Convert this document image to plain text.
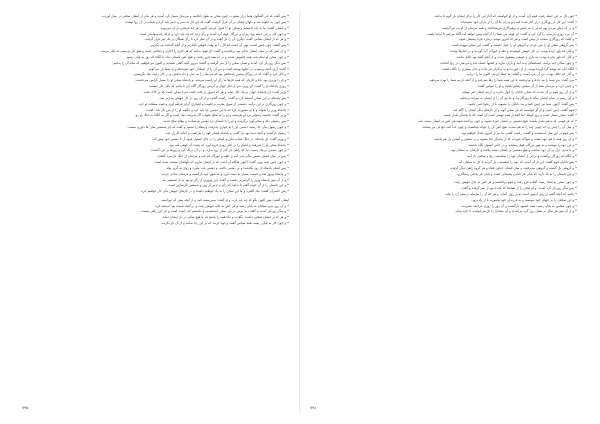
• پس گفت که این گفتگوی شما دراز بشنو — چون سخن به طول انجامید و مردمان بسیار گرد آمدند و هر یکی از ایشان سخنی در میان آوردند.

• پس چون به خلوت شد و دلهای ایشان بر آن قرار گرفت، گفت که این کار به صبر و تدبیر باید کرد و شتاب در آن روا نیست.

• و ایشان گفتند: ما به راه دانستیم و سخن تو را قبول کردیم، اکنون هر چه فرمایی بر آن می‌رویم.

• و چون کار بر این جمله بود، پیران و بزرگان قوم گرد آمدند و رأی زدند که چه باید کرد و کدام راه صواب‌تر است.

• و هر که از ایشان سخنی گفت، دیگری آن را باز گفت و در آن نظر کرد تا رأی همگان بر یک چیز قرار گرفت.

• پس گفتند: چون چنین است، بهتر آن است که کار را به وقت خویش بگذاریم و از آنچه گذشت پند بگیریم.

• و آن کس که در میان ایشان داناتر بود برخاست و گفت: ای قوم، بدانید که هر کاری را آغازی و انجامی است و هیچ کار بی‌سبب به پایان نرسد.

• و چون سخن او تمام شد، همه خاموش شدند و در اندیشه فرو رفتند، و هیچ کس پاسخی نداد تا آنگاه که روز به پایان رسید.

• پس دیگر روز باز گرد آمدند و همان سخن را از سر گرفتند و گفتند: دیروز آنچه گفتی شنیدیم و اکنون می‌خواهیم که تمام آن را بدانیم.

• گفت: آری، آنچه پرسیدید در کتابها نوشته است و من آن را از استادان خود شنیده‌ام و به شما باز می‌گویم.

• و آغاز کرد و گفت که در روزگار پیشین پادشاهی بود که مردمان را به عدل و داد داشتی و در کار رعیت نیک نگریستی.

• و او را وزیری بود دانا و کاردان که همه کارها به رأی او راست می‌شد، و پادشاه سخن او را بسیار گرامی می‌داشت.

• روزی پادشاه او را گفت: ای وزیر، مرا از حال جهان و گردش روزگار آگاه کن تا بدانم که پایان کار چیست.

• وزیر گفت: ای پادشاه، جهان بر یک حال نماند و هر که امروز بر تخت است فردا ممکن است که بر خاک باشد.

• پس پادشاه در این سخن اندیشه کرد و گفت: راست گفتی، و از آن روز در کار خویش بیدارتر شد.

• و چون روزگاری بر این برآمد، دشمنی از سوی مغرب برخاست و لشکری گران فراهم آورد و قصد مملکت او کرد.

• پادشاه وزیر را بخواند و با او مشورت کرد که با این دشمن چه باید کرد و چگونه او را از مرز باز باید داشت.

• وزیر گفت: نخست رسولی نزد او بفرست و او را به صلح بخوان، اگر پذیرفت نیک است و اگر نه آنگاه به جنگ او رو.

• پس رسولی دانا و سخن‌گوی برگزیدند و او را با نامه‌ای نزد دشمن فرستادند و پیغام صلح دادند.

• و چون رسول بدان جا رسید، دشمن او را به خواری پذیرفت و پیغام را نشنید و گفت که جز شمشیر میان ما داوری نیست.

• رسول بازگشت و آنچه دیده بود باز گفت، و پادشاه لشکر خود را بیاراست و آماده کارزار شد.

• و وزیر گفت: ای پادشاه، در جنگ شتاب مکن و لشکر را در جای استوار فرود آر تا دشمن خود پیش آید.

• پادشاه سخن او را پذیرفت و لشکر را در کنار رودی فرود آورد که پشت آن کوهی بلند بود.

• و چون دشمن نزدیک رسید، دید که راهی جز گذر از رود ندارد، و در آن درنگ کرد و روزها بر این گذشت.

• پس در میان لشکر دشمن تنگی پدید آمد و علف و خوراک کم شد و مردمان از جنگ دل‌سرد گشتند.

• و چون چنین شد، وزیر گفت: اکنون هنگام آن است که بر ایشان بتازیم که دلهاشان سست شده است.

• پس لشکر پادشاه از رود بگذشت و بر دشمن تاخت، و دشمن تاب نیاورد و روی به گریز نهاد.

• و پادشاه پیروز شد و غنیمت بسیار به دست آورد و به شهر خود بازگشت و مردمان شادی کردند.

• و از آن پس پادشاه وزیر را گرامی‌تر داشت و گفت: این پیروزی از رأی تو بود نه از شمشیر ما.

• و این داستان را از آن جهت گفتم تا بدانید که رأی و تدبیر از زور و شمشیر کارسازتر است.

• پس حاضران گفتند: نیک گفتی، و ما این سخن را به یاد خواهیم داشت و در کارهای خویش بدان کار خواهیم کرد.

ایشان گفتند: پس اکنون بگو که چه باید کرد، و او گفت: صبر پیشه کنید و از آنچه پیش آید نهراسید.

• و آن روز بدین سخنان به پایان رسید و هر کس به خانه خویش رفت و در آنچه شنیده بود اندیشه کرد.

• و دیگر روز باز آمدند و گفتند: ما دوش در این سخن اندیشیدیم و دانستیم که راست است و جز این راهی نیست.

• و هر که از ایشان سخنی داشت، بگفت، و دانا همه را پاسخ داد تا هیچ شکی در دل ایشان نماند.

• و چون کار به پایان رسید، همه سپاس گفتند و عهد کردند که بر این راه بمانند و از آن باز نگردند.

٧٩٥

• چون کار بر این جمله رفت، قوم گرد آمدند و از او خواستند که آغاز این کار را برای ایشان باز گوید تا بدانند.

• گفت: این کار از روزگاری دراز آغاز شده است و پدران ما آن را از پدران خود شنیده‌اند.

• و در آن زمان مردی بود که او را به دانش و پرهیزگاری می‌شناختند و همه مردمان از او پند می‌گرفتند.

• آن مرد روزی مردمان را گرد کرد و گفت: ای قوم، من شما را از آنچه پیش خواهد آمد آگاه می‌کنم تا آماده باشید.

• و گفت که روزگاری سخت در پیش است و هر که امروز توشه برندارد فردا پشیمان شود.

• پس گروهی سخن او را باور کردند و گروهی او را خوار داشتند و گفتند: این سخن بیهوده است.

• و آنان که باور کرده بودند، در کار خویش کوشیدند و غله و خوراک گرد آوردند و در انبارها نهادند.

• و آنان که باور نکرده بودند، به بازی و خوشی مشغول شدند و از آنچه گفته بود غافل ماندند.

• و چون سالی چند برآمد، خشکسالی پدید آمد و باران نبارید و کشتها خشک شد و مردمان در رنج افتادند.

• آنگاه آنان که توشه گرد آورده بودند، از آن خوردند و به دیگران نیز دادند و جان بسیاری را نگاه داشتند.

• و آنان که غافل بودند، نزد آن مرد آمدند و گفتند: ما خطا کردیم، اکنون ما را دریاب.

• مرد گفت: من شما را پند دادم و نپذیرفتید، با این همه شما را رها نمی‌کنم و از آنچه داریم شما را بهره می‌دهم.

• و چنین کرد، و مردمان همه از آن سختی رهایی یافتند و او را سپاس گفتند.

• و از آن روز قوم بر آن شدند که سخن دانایان را خوار ندارند و از پند ایشان سر نپیچند.

• و این رسم در میان ایشان بماند تا روزگار ما، و ما نیز آن را از ایشان به میراث برده‌ایم.

• پس گفت: اکنون شما نیز چنین کنید و پند دانایان را بشنوید تا از رنجها ایمن باشید.

• قوم گفتند: چنین کنیم، و از او خواستند که باز سخن گوید و از کارهای دیگر ایشان را آگاه کند.

• گفت: سخن بسیار است و روز کوتاه، اما آنچه از همه مهمتر است آن است که با یکدیگر یکدل باشید.

• که هر قومی که با هم یکدل باشند، هیچ دشمنی بر ایشان چیره نشود، و چون پراکنده شوند هر کس بر ایشان دست یابد.

• و مثل آن را چنین زد که چوبی چند را به هم ببندند، هیچ کس آن را نتواند شکست، و چون جدا کنند کودکی نیز بشکند.

• پس قوم در این مثل اندیشیدند و گفتند: راست گفتی، ما نیز از امروز یکدل خواهیم بود.

• و آن روز همه با هم عهد بستند و سوگند خوردند که از یکدیگر جدا نشوند و در سختی و آسانی یار هم باشند.

• و این عهد را نوشتند و به مهر بزرگان قوم رساندند و در جایی استوار نگاه داشتند.

• و تا مدتی دراز بر آن عهد بماندند و هیچ دشمنی بر ایشان دست نیافت و کارشان به سامان بود.

• و آنگاه که روزگار برگشت و برخی از ایشان عهد را شکستند، رنج و سختی باز آمد.

• پس دانایان قوم گفتند: این از آن است که عهد را شکستید، باز گردید تا کار به سامان آید.

• و گروهی باز گشتند و گروهی نپذیرفتند، و میان ایشان جدایی افتاد و هر گروه راهی دیگر گرفت.

• و این داستان را به یاد دارید که پایان هر جدایی پشیمانی است و پایان هر یکدلی رستگاری.

• و چون سخن به اینجا رسید، آفتاب فرو رفت و قوم برخاستند و هر کس به جای خویش رفت.

• پس دیگر روز باز گرد آمدند، و او سخن را از همانجا که مانده بود از سر گرفت و گفت:

• بدانید که آنچه گفتم از روی آزمون است نه از روی گمان، و هر که آن را بیازماید درستی آن را بیابد.

• و این سخنان را بر دلهای خود بنویسید و به فرزندان خود بیاموزید تا از یاد نرود.

• و چون مجلس به پایان رسید، همه خشنود بازگشتند و آن روز را روزی فرخنده شمردند.

• و از آن پس هر سال در همان روز گرد می‌آمدند و آن سخنان را باز می‌خواندند تا تازه بماند.

٧٩٤
